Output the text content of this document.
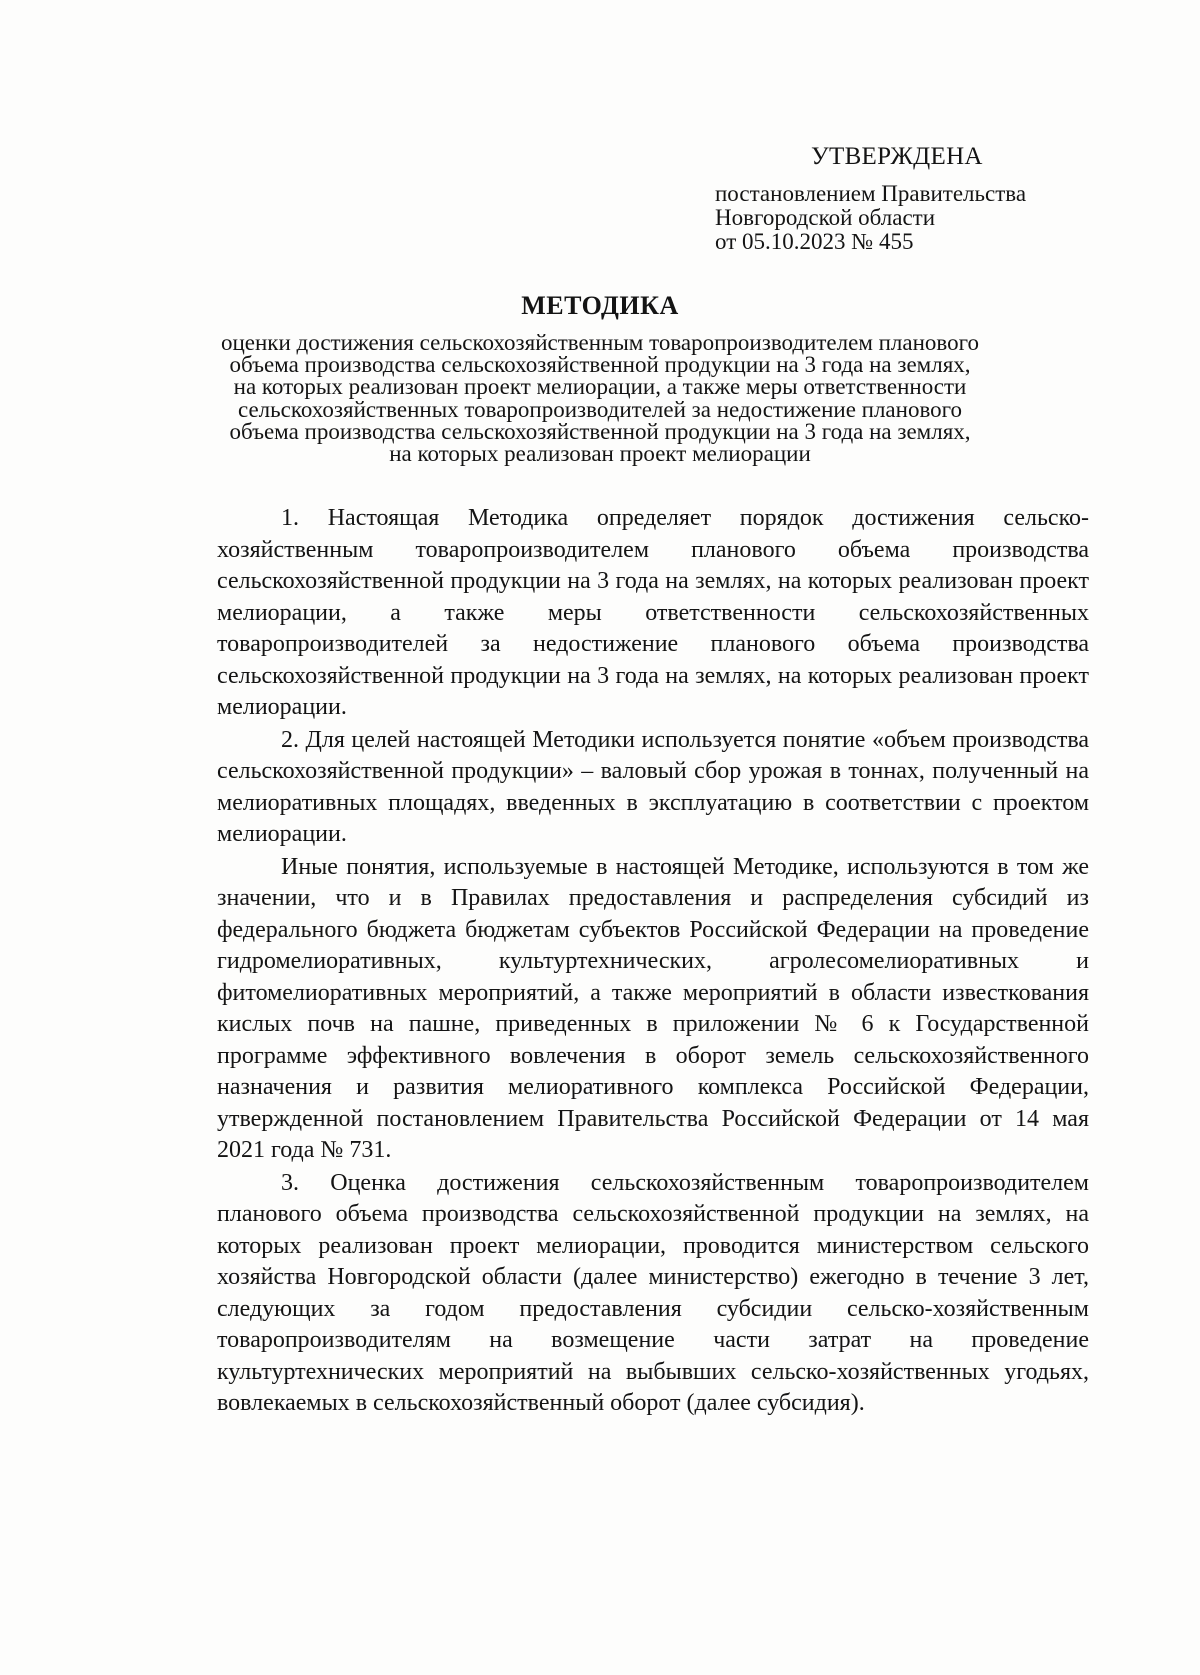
УТВЕРЖДЕНА
постановлением Правительства
Новгородской области
от 05.10.2023 № 455
МЕТОДИКА
оценки достижения сельскохозяйственным товаропроизводителем планового
объема производства сельскохозяйственной продукции на 3 года на землях,
на которых реализован проект мелиорации, а также меры ответственности
сельскохозяйственных товаропроизводителей за недостижение планового
объема производства сельскохозяйственной продукции на 3 года на землях,
на которых реализован проект мелиорации

1. Настоящая Методика определяет порядок достижения сельско-хозяйственным товаропроизводителем планового объема производства сельскохозяйственной продукции на 3 года на землях, на которых реализован проект мелиорации, а также меры ответственности сельскохозяйственных товаропроизводителей за недостижение планового объема производства сельскохозяйственной продукции на 3 года на землях, на которых реализован проект мелиорации.

2. Для целей настоящей Методики используется понятие «объем производства сельскохозяйственной продукции» – валовый сбор урожая в тоннах, полученный на мелиоративных площадях, введенных в эксплуатацию в соответствии с проектом мелиорации.

Иные понятия, используемые в настоящей Методике, используются в том же значении, что и в Правилах предоставления и распределения субсидий из федерального бюджета бюджетам субъектов Российской Федерации на проведение гидромелиоративных, культуртехнических, агролесомелиоративных и фитомелиоративных мероприятий, а также мероприятий в области известкования кислых почв на пашне, приведенных в приложении № 6 к Государственной программе эффективного вовлечения в оборот земель сельскохозяйственного назначения и развития мелиоративного комплекса Российской Федерации, утвержденной постановлением Правительства Российской Федерации от 14 мая 2021 года № 731.

3. Оценка достижения сельскохозяйственным товаропроизводителем планового объема производства сельскохозяйственной продукции на землях, на которых реализован проект мелиорации, проводится министерством сельского хозяйства Новгородской области (далее министерство) ежегодно в течение 3 лет, следующих за годом предоставления субсидии сельско-хозяйственным товаропроизводителям на возмещение части затрат на проведение культуртехнических мероприятий на выбывших сельско-хозяйственных угодьях, вовлекаемых в сельскохозяйственный оборот (далее субсидия).
